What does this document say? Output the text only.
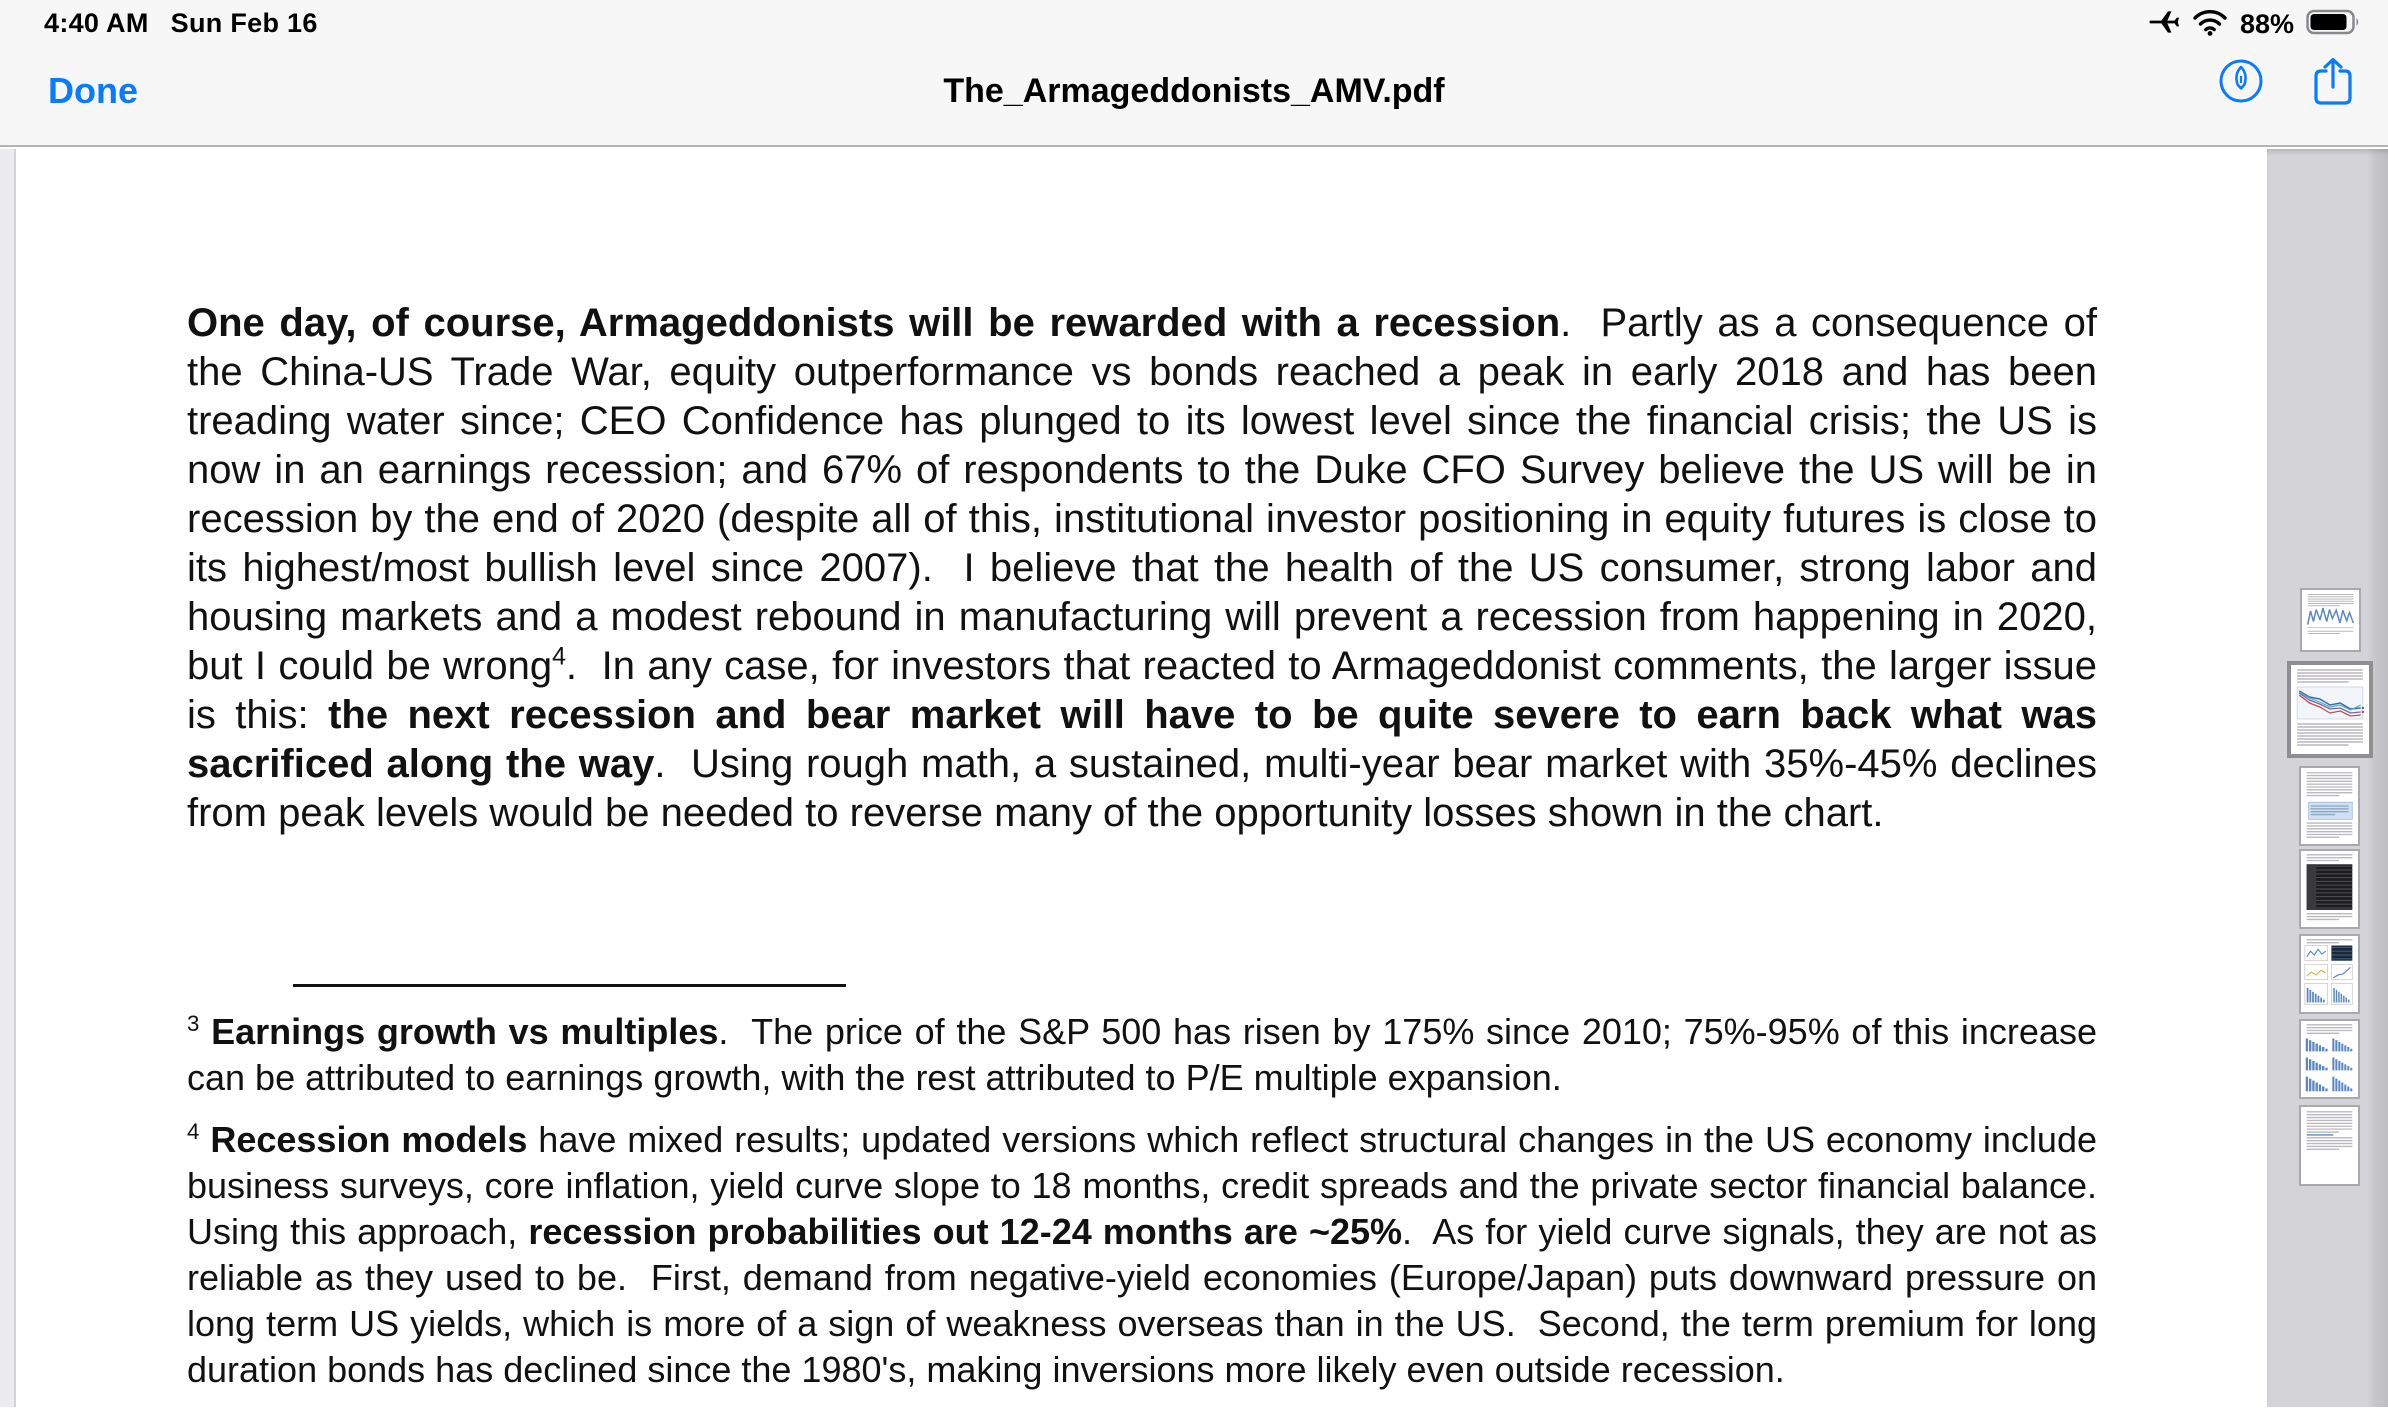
4:40 AM Sun Feb 16	88%
Done	The_Armageddonists_AMV.pdf

One day, of course, Armageddonists will be rewarded with a recession.  Partly as a consequence of the China-US Trade War, equity outperformance vs bonds reached a peak in early 2018 and has been treading water since; CEO Confidence has plunged to its lowest level since the financial crisis; the US is now in an earnings recession; and 67% of respondents to the Duke CFO Survey believe the US will be in recession by the end of 2020 (despite all of this, institutional investor positioning in equity futures is close to its highest/most bullish level since 2007).  I believe that the health of the US consumer, strong labor and housing markets and a modest rebound in manufacturing will prevent a recession from happening in 2020, but I could be wrong$^4$.  In any case, for investors that reacted to Armageddonist comments, the larger issue is this: the next recession and bear market will have to be quite severe to earn back what was sacrificed along the way.  Using rough math, a sustained, multi-year bear market with 35%-45% declines from peak levels would be needed to reverse many of the opportunity losses shown in the chart.

$^3$ Earnings growth vs multiples.  The price of the S&P 500 has risen by 175% since 2010; 75%-95% of this increase can be attributed to earnings growth, with the rest attributed to P/E multiple expansion.

$^4$ Recession models have mixed results; updated versions which reflect structural changes in the US economy include business surveys, core inflation, yield curve slope to 18 months, credit spreads and the private sector financial balance.  Using this approach, recession probabilities out 12-24 months are ~25%.  As for yield curve signals, they are not as reliable as they used to be.  First, demand from negative-yield economies (Europe/Japan) puts downward pressure on long term US yields, which is more of a sign of weakness overseas than in the US.  Second, the term premium for long duration bonds has declined since the 1980's, making inversions more likely even outside recession.
